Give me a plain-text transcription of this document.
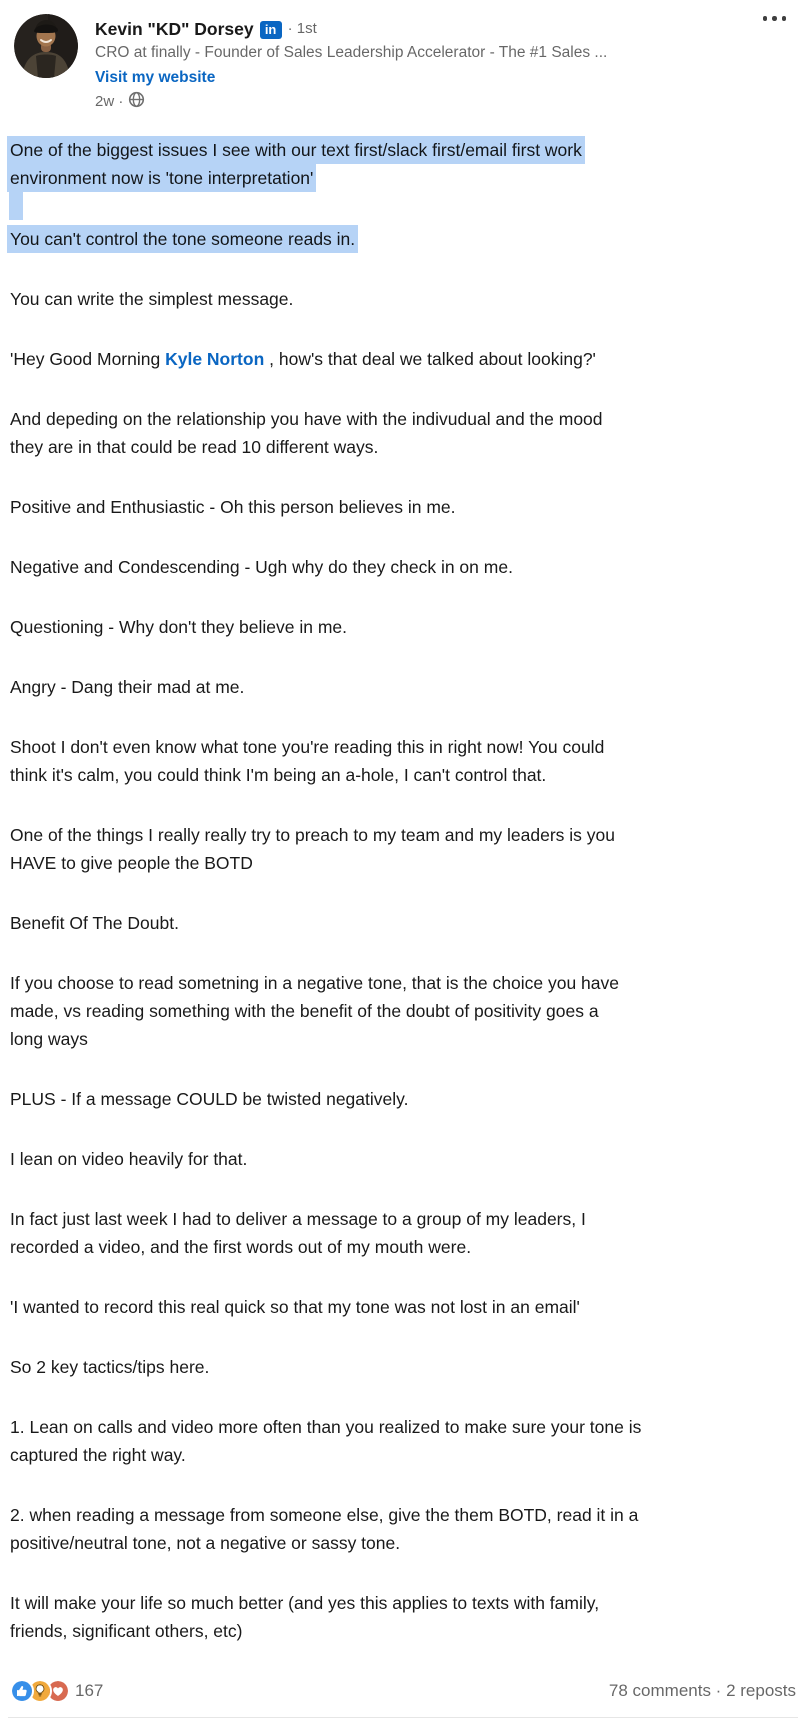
Kevin "KD" Dorsey in · 1st
CRO at finally - Founder of Sales Leadership Accelerator - The #1 Sales ...
Visit my website
2w ·
One of the biggest issues I see with our text first/slack first/email first work
environment now is 'tone interpretation'
You can't control the tone someone reads in.
You can write the simplest message.
'Hey Good Morning Kyle Norton , how's that deal we talked about looking?'
And depeding on the relationship you have with the indivudual and the mood
they are in that could be read 10 different ways.
Positive and Enthusiastic - Oh this person believes in me.
Negative and Condescending - Ugh why do they check in on me.
Questioning - Why don't they believe in me.
Angry - Dang their mad at me.
Shoot I don't even know what tone you're reading this in right now! You could
think it's calm, you could think I'm being an a-hole, I can't control that.
One of the things I really really try to preach to my team and my leaders is you
HAVE to give people the BOTD
Benefit Of The Doubt.
If you choose to read sometning in a negative tone, that is the choice you have
made, vs reading something with the benefit of the doubt of positivity goes a
long ways
PLUS - If a message COULD be twisted negatively.
I lean on video heavily for that.
In fact just last week I had to deliver a message to a group of my leaders, I
recorded a video, and the first words out of my mouth were.
'I wanted to record this real quick so that my tone was not lost in an email'
So 2 key tactics/tips here.
1. Lean on calls and video more often than you realized to make sure your tone is
captured the right way.
2. when reading a message from someone else, give the them BOTD, read it in a
positive/neutral tone, not a negative or sassy tone.
It will make your life so much better (and yes this applies to texts with family,
friends, significant others, etc)
167	78 comments · 2 reposts
